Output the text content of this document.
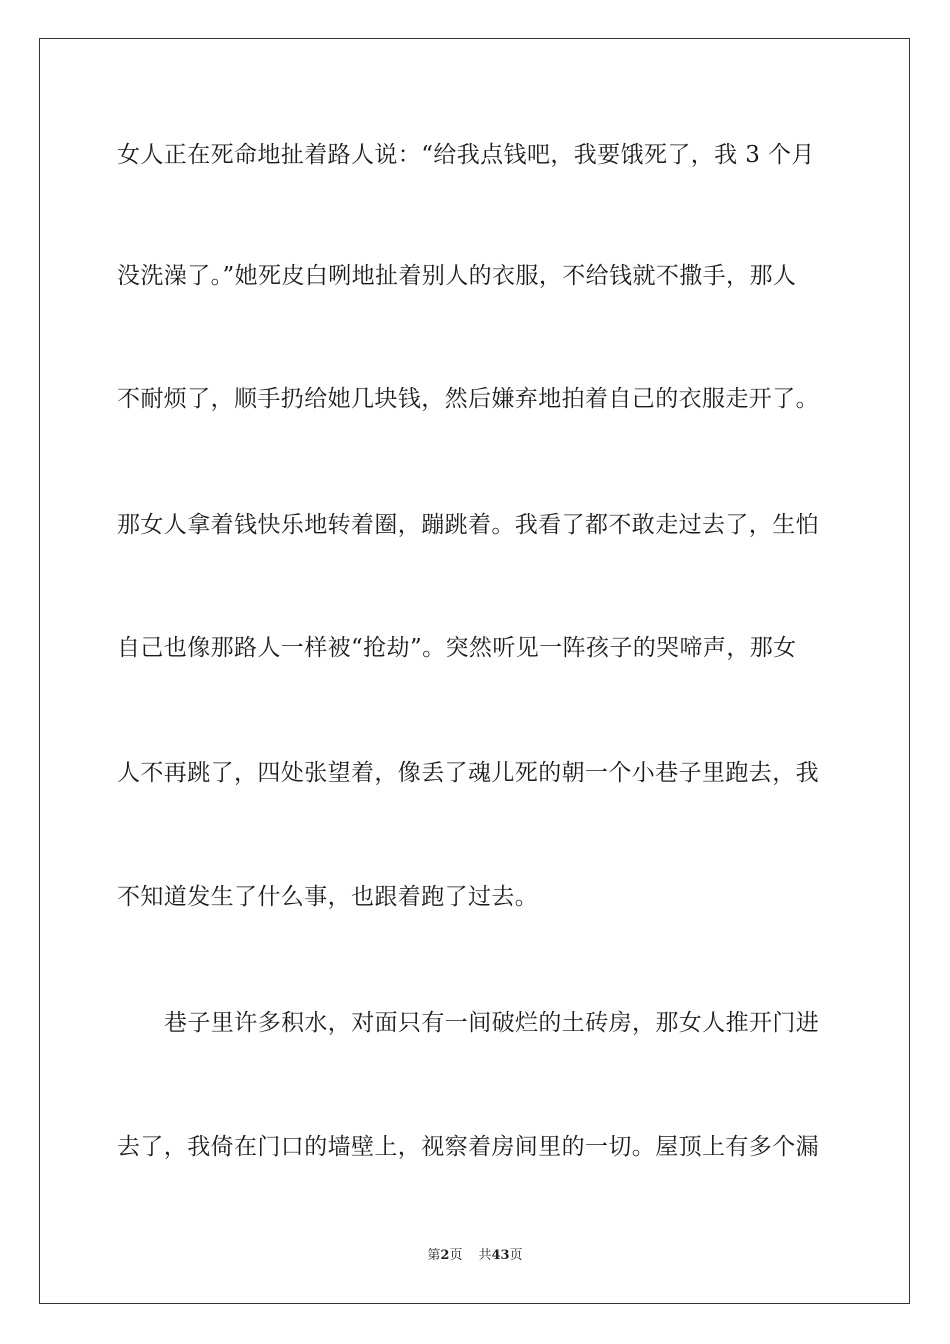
女人正在死命地扯着路人说：“给我点钱吧，我要饿死了，我 3 个月
没洗澡了。”她死皮白咧地扯着别人的衣服，不给钱就不撒手，那人
不耐烦了，顺手扔给她几块钱，然后嫌弃地拍着自己的衣服走开了。
那女人拿着钱快乐地转着圈，蹦跳着。我看了都不敢走过去了，生怕
自己也像那路人一样被“抢劫”。突然听见一阵孩子的哭啼声，那女
人不再跳了，四处张望着，像丢了魂儿死的朝一个小巷子里跑去，我
不知道发生了什么事，也跟着跑了过去。
巷子里许多积水，对面只有一间破烂的土砖房，那女人推开门进
去了，我倚在门口的墙壁上，视察着房间里的一切。屋顶上有多个漏
第2页 共43页
